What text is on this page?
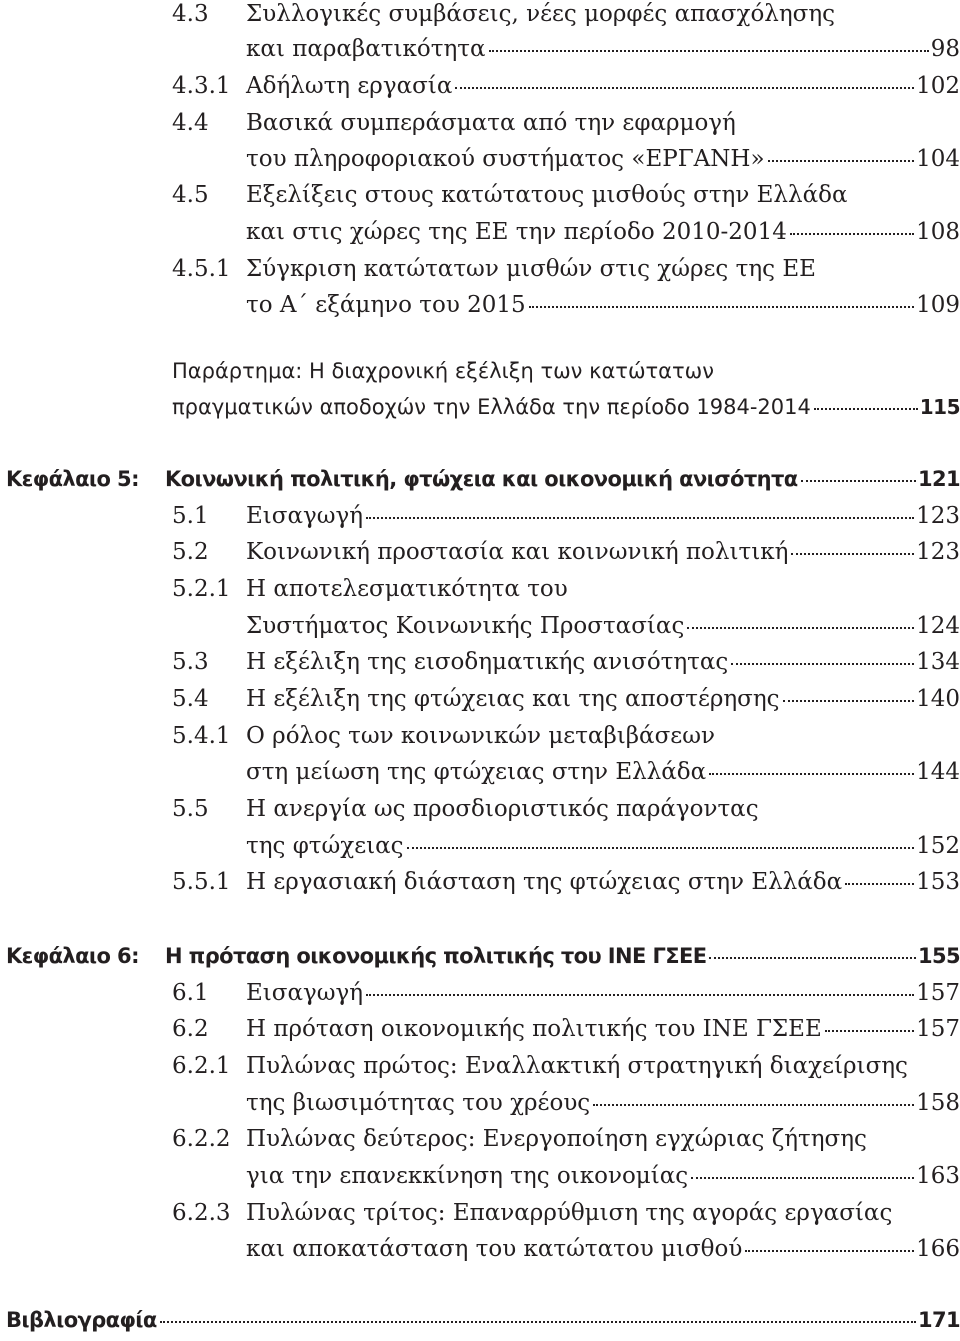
4.3 Συλλογικές συμβάσεις, νέες μορφές απασχόλησης
και παραβατικότητα	98
4.3.1 Αδήλωτη εργασία	102
4.4 Βασικά συμπεράσματα από την εφαρμογή
του πληροφοριακού συστήματος «ΕΡΓΑΝΗ»	104
4.5 Εξελίξεις στους κατώτατους μισθούς στην Ελλάδα
και στις χώρες της ΕΕ την περίοδο 2010-2014	108
4.5.1 Σύγκριση κατώτατων μισθών στις χώρες της ΕΕ
το Α΄ εξάμηνο του 2015	109
Παράρτημα: Η διαχρονική εξέλιξη των κατώτατων
πραγματικών αποδοχών την Ελλάδα την περίοδο 1984-2014	115
Κεφάλαιο 5: Κοινωνική πολιτική, φτώχεια και οικονομική ανισότητα	121
5.1 Εισαγωγή	123
5.2 Κοινωνική προστασία και κοινωνική πολιτική	123
5.2.1 Η αποτελεσματικότητα του
Συστήματος Κοινωνικής Προστασίας	124
5.3 Η εξέλιξη της εισοδηματικής ανισότητας	134
5.4 Η εξέλιξη της φτώχειας και της αποστέρησης	140
5.4.1 Ο ρόλος των κοινωνικών μεταβιβάσεων
στη μείωση της φτώχειας στην Ελλάδα	144
5.5 Η ανεργία ως προσδιοριστικός παράγοντας
της φτώχειας	152
5.5.1 Η εργασιακή διάσταση της φτώχειας στην Ελλάδα	153
Κεφάλαιο 6: Η πρόταση οικονομικής πολιτικής του ΙΝΕ ΓΣΕΕ	155
6.1 Εισαγωγή	157
6.2 Η πρόταση οικονομικής πολιτικής του ΙΝΕ ΓΣΕΕ	157
6.2.1 Πυλώνας πρώτος: Εναλλακτική στρατηγική διαχείρισης
της βιωσιμότητας του χρέους	158
6.2.2 Πυλώνας δεύτερος: Ενεργοποίηση εγχώριας ζήτησης
για την επανεκκίνηση της οικονομίας	163
6.2.3 Πυλώνας τρίτος: Επαναρρύθμιση της αγοράς εργασίας
και αποκατάσταση του κατώτατου μισθού	166
Βιβλιογραφία	171
